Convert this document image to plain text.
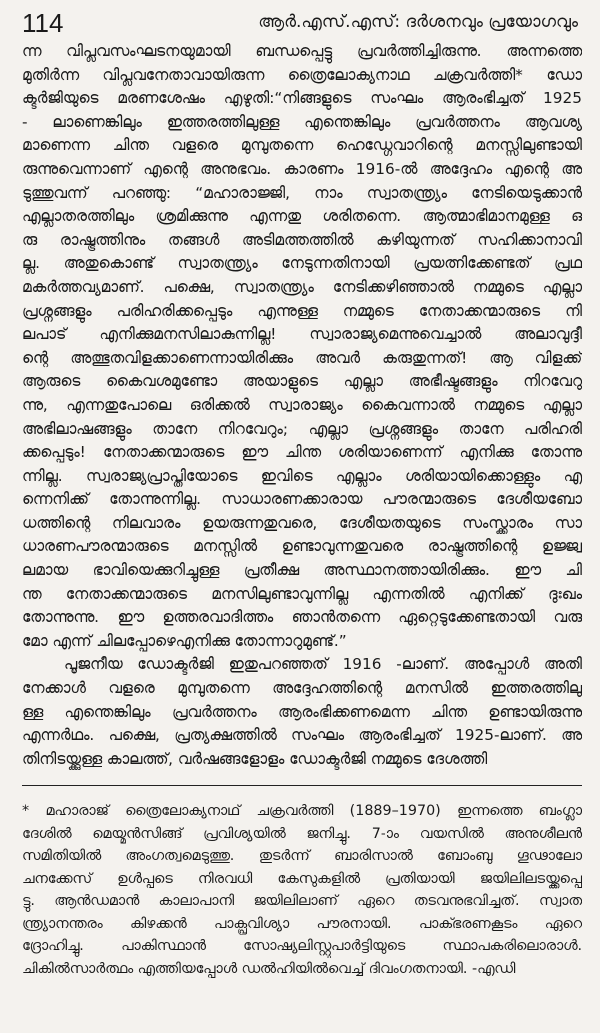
114	ആർ.എസ്.എസ്: ദർശനവും പ്രയോഗവും
ന്ന വിപ്ലവസംഘടനയുമായി ബന്ധപ്പെട്ടു പ്രവർത്തിച്ചിരുന്നു. അന്നത്തെ
മുതിർന്ന വിപ്ലവനേതാവായിരുന്ന ത്രൈലോക്യനാഥ ചക്രവർത്തി* ഡോ
ക്ടർജിയുടെ മരണശേഷം എഴുതി:“നിങ്ങളുടെ സംഘം ആരംഭിച്ചത് 1925
- ലാണെങ്കിലും ഇത്തരത്തിലുള്ള എന്തെങ്കിലും പ്രവർത്തനം ആവശ്യ
മാണെന്ന ചിന്ത വളരെ മുമ്പുതന്നെ ഹെഡ്ഗേവാറിന്റെ മനസ്സിലുണ്ടായി
രുന്നുവെന്നാണ് എന്റെ അനുഭവം. കാരണം 1916-ൽ അദ്ദേഹം എന്റെ അ
ടുത്തുവന്ന് പറഞ്ഞു: “മഹാരാജ്ജി, നാം സ്വാതന്ത്ര്യം നേടിയെടുക്കാൻ
എല്ലാതരത്തിലും ശ്രമിക്കുന്നു എന്നതു ശരിതന്നെ. ആത്മാഭിമാനമുള്ള ഒ
രു രാഷ്ട്രത്തിനും തങ്ങൾ അടിമത്തത്തിൽ കഴിയുന്നത് സഹിക്കാനാവി
ല്ല. അതുകൊണ്ട് സ്വാതന്ത്ര്യം നേടുന്നതിനായി പ്രയത്നിക്കേണ്ടത് പ്രഥ
മകർത്തവ്യമാണ്. പക്ഷെ, സ്വാതന്ത്ര്യം നേടിക്കഴിഞ്ഞാൽ നമ്മുടെ എല്ലാ
പ്രശ്നങ്ങളും പരിഹരിക്കപ്പെടും എന്നുള്ള നമ്മുടെ നേതാക്കന്മാരുടെ നി
ലപാട് എനിക്കുമനസിലാകുന്നില്ല! സ്വാരാജ്യമെന്നുവെച്ചാൽ അലാവുദ്ദീ
ന്റെ അത്ഭുതവിളക്കാണെന്നായിരിക്കും അവർ കരുതുന്നത്! ആ വിളക്ക്
ആരുടെ കൈവശമുണ്ടോ അയാളുടെ എല്ലാ അഭീഷ്ടങ്ങളും നിറവേറു
ന്നു, എന്നതുപോലെ ഒരിക്കൽ സ്വാരാജ്യം കൈവന്നാൽ നമ്മുടെ എല്ലാ
അഭിലാഷങ്ങളും താനേ നിറവേറും; എല്ലാ പ്രശ്നങ്ങളും താനേ പരിഹരി
ക്കപ്പെടും! നേതാക്കന്മാരുടെ ഈ ചിന്ത ശരിയാണെന്ന് എനിക്കു തോന്നു
ന്നില്ല. സ്വരാജ്യപ്രാപ്തിയോടെ ഇവിടെ എല്ലാം ശരിയായിക്കൊള്ളും എ
ന്നെനിക്ക് തോന്നുന്നില്ല. സാധാരണക്കാരായ പൗരന്മാരുടെ ദേശീയബോ
ധത്തിന്റെ നിലവാരം ഉയരുന്നതുവരെ, ദേശീയതയുടെ സംസ്ക്കാരം സാ
ധാരണപൗരന്മാരുടെ മനസ്സിൽ ഉണ്ടാവുന്നതുവരെ രാഷ്ട്രത്തിന്റെ ഉജ്ജ്വ
ലമായ ഭാവിയെക്കുറിച്ചുള്ള പ്രതീക്ഷ അസ്ഥാനത്തായിരിക്കും. ഈ ചി
ന്ത നേതാക്കന്മാരുടെ മനസിലുണ്ടാവുന്നില്ല എന്നതിൽ എനിക്ക് ദുഃഖം
തോന്നുന്നു. ഈ ഉത്തരവാദിത്തം ഞാൻതന്നെ ഏറ്റെടുക്കേണ്ടതായി വരു
മോ എന്ന് ചിലപ്പോഴെഎനിക്കു തോന്നാറുമുണ്ട്.”
പൂജനീയ ഡോക്ടർജി ഇതുപറഞ്ഞത് 1916 -ലാണ്. അപ്പോൾ അതി
നേക്കാൾ വളരെ മുമ്പുതന്നെ അദ്ദേഹത്തിന്റെ മനസിൽ ഇത്തരത്തിലു
ള്ള എന്തെങ്കിലും പ്രവർത്തനം ആരംഭിക്കണമെന്ന ചിന്ത ഉണ്ടായിരുന്നു
എന്നർഥം. പക്ഷെ, പ്രത്യക്ഷത്തിൽ സംഘം ആരംഭിച്ചത് 1925-ലാണ്. അ
തിനിടയ്ക്കുള്ള കാലത്ത്, വർഷങ്ങളോളം ഡോക്ടർജി നമ്മുടെ ദേശത്തി
* മഹാരാജ് ത്രൈലോക്യനാഥ് ചക്രവർത്തി (1889–1970) ഇന്നത്തെ ബംഗ്ലാ
ദേശിൽ മെയ്മൻസിങ്ങ് പ്രവിശ്യയിൽ ജനിച്ചു. 7-ാം വയസിൽ അനുശീലൻ
സമിതിയിൽ അംഗത്വമെടുത്തു. തുടർന്ന് ബാരിസാൽ ബോംബു ഗൂഢാലോ
ചനക്കേസ് ഉൾപ്പടെ നിരവധി കേസുകളിൽ പ്രതിയായി ജയിലിലടയ്ക്കപ്പെ
ട്ടു. ആൻഡമാൻ കാലാപാനി ജയിലിലാണ് ഏറെ തടവനുഭവിച്ചത്. സ്വാത
ന്ത്ര്യാനന്തരം കിഴക്കൻ പാക്പ്രവിശ്യാ പൗരനായി. പാക്ഭരണകൂടം ഏറെ
ദ്രോഹിച്ചു. പാകിസ്ഥാൻ സോഷ്യലിസ്റ്റുപാർട്ടിയുടെ സ്ഥാപകരിലൊരാൾ.
ചികിൽസാർത്ഥം എത്തിയപ്പോൾ ഡൽഹിയിൽവെച്ച് ദിവംഗതനായി. -എഡി
